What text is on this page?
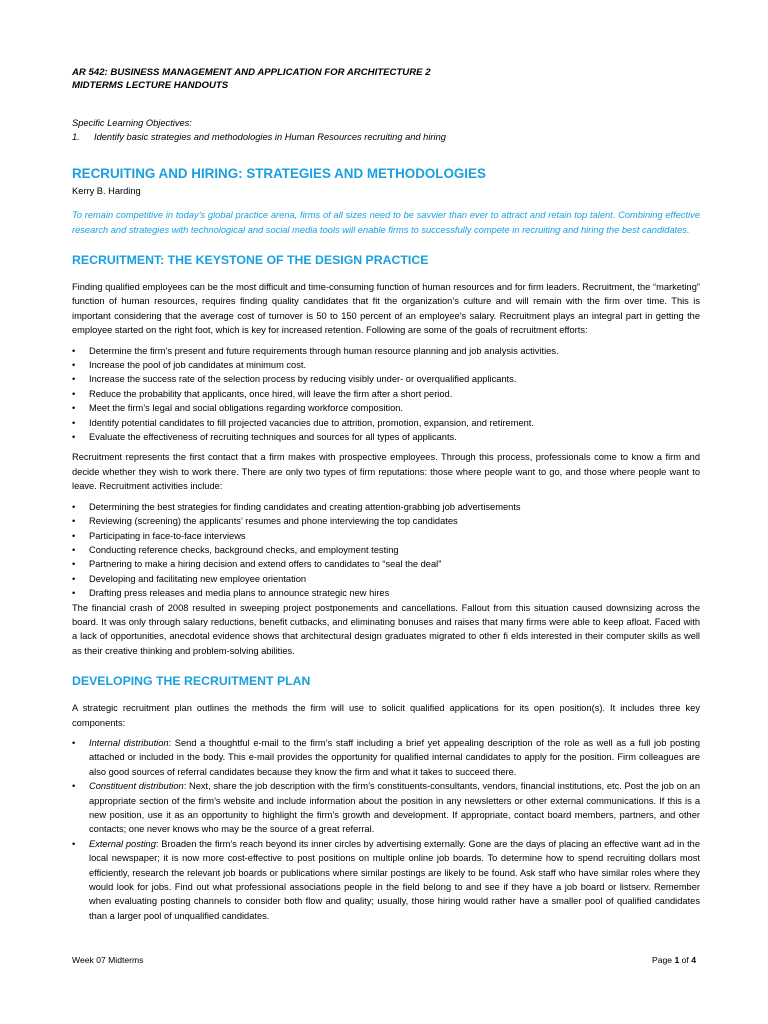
AR 542: BUSINESS MANAGEMENT AND APPLICATION FOR ARCHITECTURE 2
MIDTERMS LECTURE HANDOUTS
Specific Learning Objectives:
1. Identify basic strategies and methodologies in Human Resources recruiting and hiring
RECRUITING AND HIRING: STRATEGIES AND METHODOLOGIES
Kerry B. Harding
To remain competitive in today’s global practice arena, firms of all sizes need to be savvier than ever to attract and retain top talent. Combining effective research and strategies with technological and social media tools will enable firms to successfully compete in recruiting and hiring the best candidates.
RECRUITMENT: THE KEYSTONE OF THE DESIGN PRACTICE

Finding qualified employees can be the most difficult and time-consuming function of human resources and for firm leaders. Recruitment, the “marketing” function of human resources, requires finding quality candidates that fit the organization’s culture and will remain with the firm over time. This is important considering that the average cost of turnover is 50 to 150 percent of an employee’s salary. Recruitment plays an integral part in getting the employee started on the right foot, which is key for increased retention. Following are some of the goals of recruitment efforts:

• Determine the firm’s present and future requirements through human resource planning and job analysis activities.
• Increase the pool of job candidates at minimum cost.
• Increase the success rate of the selection process by reducing visibly under- or overqualified applicants.
• Reduce the probability that applicants, once hired, will leave the firm after a short period.
• Meet the firm’s legal and social obligations regarding workforce composition.
• Identify potential candidates to fill projected vacancies due to attrition, promotion, expansion, and retirement.
• Evaluate the effectiveness of recruiting techniques and sources for all types of applicants.

Recruitment represents the first contact that a firm makes with prospective employees. Through this process, professionals come to know a firm and decide whether they wish to work there. There are only two types of firm reputations: those where people want to go, and those where people want to leave. Recruitment activities include:

• Determining the best strategies for finding candidates and creating attention-grabbing job advertisements
• Reviewing (screening) the applicants’ resumes and phone interviewing the top candidates
• Participating in face-to-face interviews
• Conducting reference checks, background checks, and employment testing
• Partnering to make a hiring decision and extend offers to candidates to “seal the deal”
• Developing and facilitating new employee orientation
• Drafting press releases and media plans to announce strategic new hires

The financial crash of 2008 resulted in sweeping project postponements and cancellations. Fallout from this situation caused downsizing across the board. It was only through salary reductions, benefit cutbacks, and eliminating bonuses and raises that many firms were able to keep afloat. Faced with a lack of opportunities, anecdotal evidence shows that architectural design graduates migrated to other fi elds interested in their computer skills as well as their creative thinking and problem-solving abilities.

DEVELOPING THE RECRUITMENT PLAN

A strategic recruitment plan outlines the methods the firm will use to solicit qualified applications for its open position(s). It includes three key components:

• Internal distribution: Send a thoughtful e-mail to the firm’s staff including a brief yet appealing description of the role as well as a full job posting attached or included in the body. This e-mail provides the opportunity for qualified internal candidates to apply for the position. Firm colleagues are also good sources of referral candidates because they know the firm and what it takes to succeed there.
• Constituent distribution: Next, share the job description with the firm’s constituents-consultants, vendors, financial institutions, etc. Post the job on an appropriate section of the firm’s website and include information about the position in any newsletters or other external communications. If this is a new position, use it as an opportunity to highlight the firm’s growth and development. If appropriate, contact board members, partners, and other contacts; one never knows who may be the source of a great referral.
• External posting: Broaden the firm’s reach beyond its inner circles by advertising externally. Gone are the days of placing an effective want ad in the local newspaper; it is now more cost-effective to post positions on multiple online job boards. To determine how to spend recruiting dollars most efficiently, research the relevant job boards or publications where similar postings are likely to be found. Ask staff who have similar roles where they would look for jobs. Find out what professional associations people in the field belong to and see if they have a job board or listserv. Remember when evaluating posting channels to consider both flow and quality; usually, those hiring would rather have a smaller pool of qualified candidates than a larger pool of unqualified candidates.
Week 07 Midterms	Page 1 of 4
